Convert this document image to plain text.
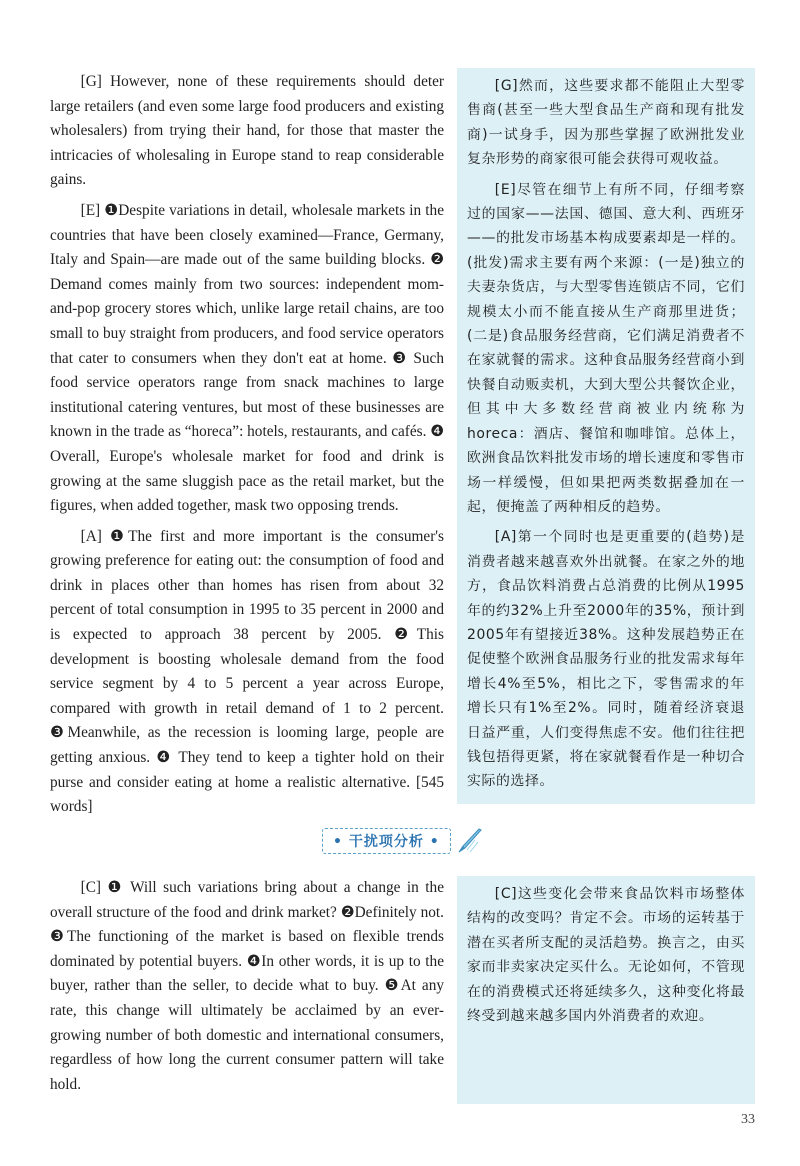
[G] However, none of these requirements should deter large retailers (and even some large food producers and existing wholesalers) from trying their hand, for those that master the intricacies of wholesaling in Europe stand to reap considerable gains.

[E] ❶Despite variations in detail, wholesale markets in the countries that have been closely examined—France, Germany, Italy and Spain—are made out of the same building blocks. ❷ Demand comes mainly from two sources: independent mom-and-pop grocery stores which, unlike large retail chains, are too small to buy straight from producers, and food service operators that cater to consumers when they don't eat at home. ❸ Such food service operators range from snack machines to large institutional catering ventures, but most of these businesses are known in the trade as “horeca”: hotels, restaurants, and cafés. ❹ Overall, Europe's wholesale market for food and drink is growing at the same sluggish pace as the retail market, but the figures, when added together, mask two opposing trends.

[A] ❶The first and more important is the consumer's growing preference for eating out: the consumption of food and drink in places other than homes has risen from about 32 percent of total consumption in 1995 to 35 percent in 2000 and is expected to approach 38 percent by 2005. ❷This development is boosting wholesale demand from the food service segment by 4 to 5 percent a year across Europe, compared with growth in retail demand of 1 to 2 percent. ❸Meanwhile, as the recession is looming large, people are getting anxious. ❹ They tend to keep a tighter hold on their purse and consider eating at home a realistic alternative. [545 words]

[G]然而，这些要求都不能阻止大型零售商(甚至一些大型食品生产商和现有批发商)一试身手，因为那些掌握了欧洲批发业复杂形势的商家很可能会获得可观收益。

[E]尽管在细节上有所不同，仔细考察过的国家——法国、德国、意大利、西班牙——的批发市场基本构成要素却是一样的。(批发)需求主要有两个来源：(一是)独立的夫妻杂货店，与大型零售连锁店不同，它们规模太小而不能直接从生产商那里进货；(二是)食品服务经营商，它们满足消费者不在家就餐的需求。这种食品服务经营商小到快餐自动贩卖机，大到大型公共餐饮企业，但其中大多数经营商被业内统称为horeca：酒店、餐馆和咖啡馆。总体上，欧洲食品饮料批发市场的增长速度和零售市场一样缓慢，但如果把两类数据叠加在一起，便掩盖了两种相反的趋势。

[A]第一个同时也是更重要的(趋势)是消费者越来越喜欢外出就餐。在家之外的地方，食品饮料消费占总消费的比例从1995年的约32%上升至2000年的35%，预计到2005年有望接近38%。这种发展趋势正在促使整个欧洲食品服务行业的批发需求每年增长4%至5%，相比之下，零售需求的年增长只有1%至2%。同时，随着经济衰退日益严重，人们变得焦虑不安。他们往往把钱包捂得更紧，将在家就餐看作是一种切合实际的选择。

• 干扰项分析 •

[C] ❶ Will such variations bring about a change in the overall structure of the food and drink market? ❷Definitely not. ❸The functioning of the market is based on flexible trends dominated by potential buyers. ❹In other words, it is up to the buyer, rather than the seller, to decide what to buy. ❺At any rate, this change will ultimately be acclaimed by an ever-growing number of both domestic and international consumers, regardless of how long the current consumer pattern will take hold.

[C]这些变化会带来食品饮料市场整体结构的改变吗？肯定不会。市场的运转基于潜在买者所支配的灵活趋势。换言之，由买家而非卖家决定买什么。无论如何，不管现在的消费模式还将延续多久，这种变化将最终受到越来越多国内外消费者的欢迎。

33
